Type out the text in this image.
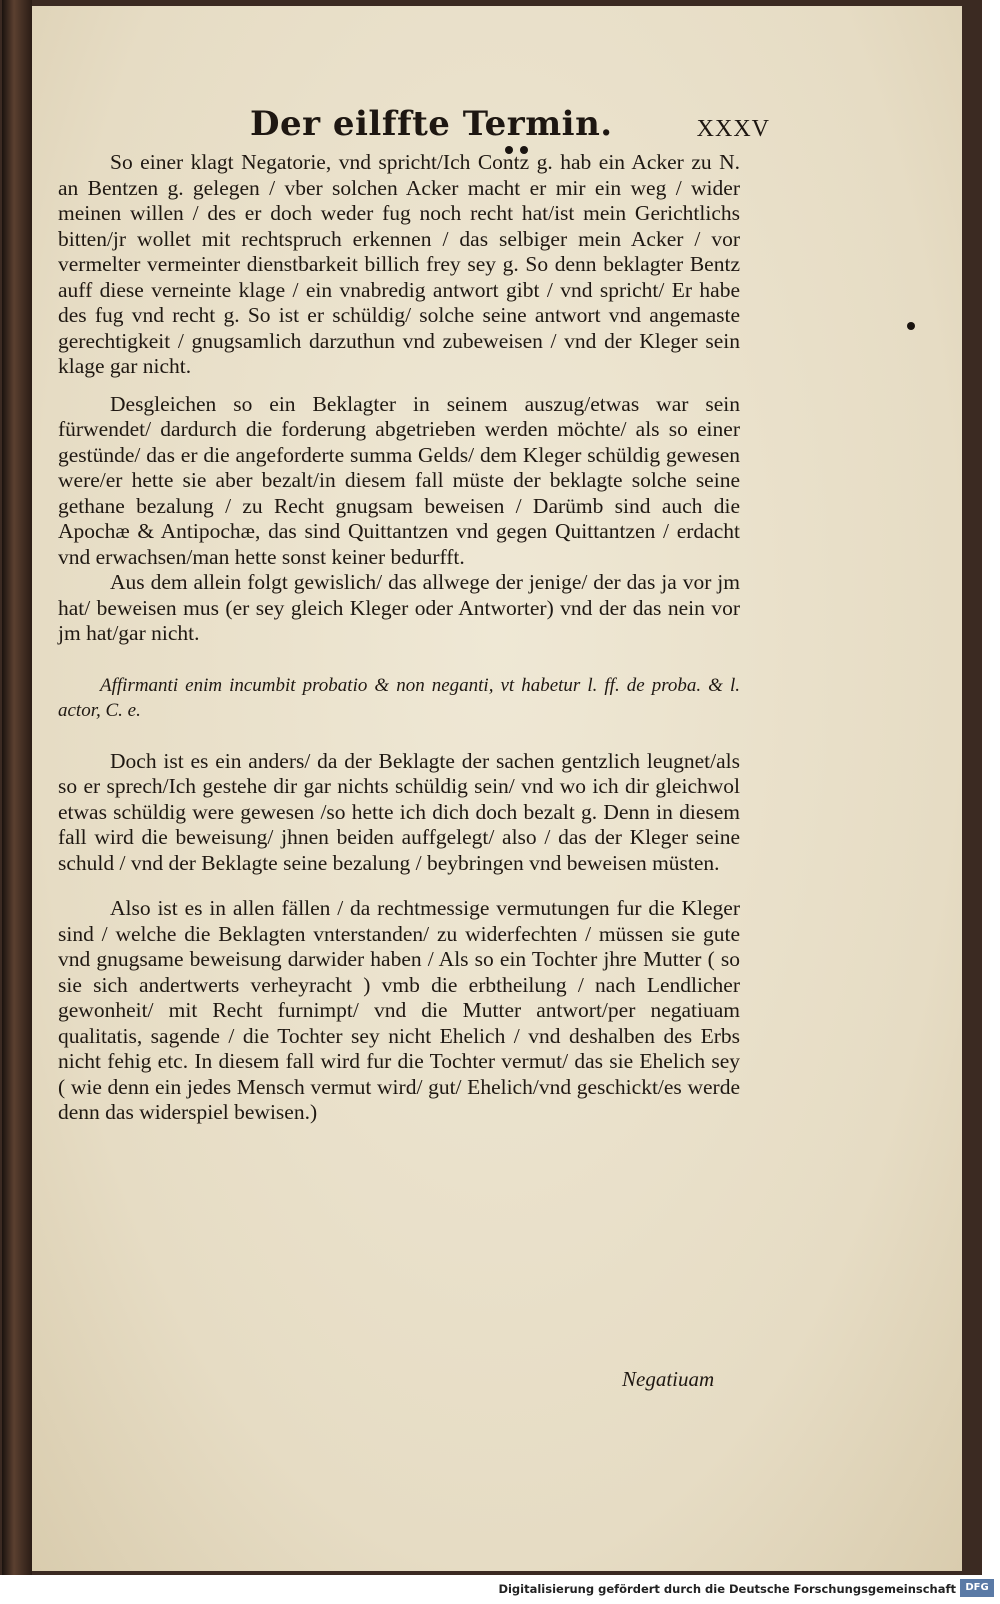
Der eilffte Termin.	XXXV

So einer klagt Negatorie, vnd spricht/Ich Contz g. hab ein Acker zu N. an Bentzen g. gelegen / vber solchen Acker macht er mir ein weg / wider meinen willen / des er doch weder fug noch recht hat/ist mein Gerichtlichs bitten/jr wollet mit rechtspruch erkennen / das selbiger mein Acker / vor vermelter vermeinter dienstbarkeit billich frey sey g. So denn beklagter Bentz auff diese verneinte klage / ein vnabredig antwort gibt / vnd spricht/ Er habe des fug vnd recht g. So ist er schüldig/ solche seine antwort vnd angemaste gerechtigkeit / gnugsamlich darzuthun vnd zubeweisen / vnd der Kleger sein klage gar nicht.

Desgleichen so ein Beklagter in seinem auszug/etwas war sein fürwendet/ dardurch die forderung abgetrieben werden möchte/ als so einer gestünde/ das er die angeforderte summa Gelds/ dem Kleger schüldig gewesen were/er hette sie aber bezalt/in diesem fall müste der beklagte solche seine gethane bezalung / zu Recht gnugsam beweisen / Darümb sind auch die Apochæ & Antipochæ, das sind Quittantzen vnd gegen Quittantzen / erdacht vnd erwachsen/man hette sonst keiner bedurfft.

Aus dem allein folgt gewislich/ das allwege der jenige/ der das ja vor jm hat/ beweisen mus (er sey gleich Kleger oder Antworter) vnd der das nein vor jm hat/gar nicht.

Affirmanti enim incumbit probatio & non neganti, vt habetur l. ff. de proba. & l. actor, C. e.

Doch ist es ein anders/ da der Beklagte der sachen gentzlich leugnet/als so er sprech/Ich gestehe dir gar nichts schüldig sein/ vnd wo ich dir gleichwol etwas schüldig were gewesen /so hette ich dich doch bezalt g. Denn in diesem fall wird die beweisung/ jhnen beiden auffgelegt/ also / das der Kleger seine schuld / vnd der Beklagte seine bezalung / beybringen vnd beweisen müsten.

Also ist es in allen fällen / da rechtmessige vermutungen fur die Kleger sind / welche die Beklagten vnterstanden/ zu widerfechten / müssen sie gute vnd gnugsame beweisung darwider haben / Als so ein Tochter jhre Mutter ( so sie sich andertwerts verheyracht ) vmb die erbtheilung / nach Lendlicher gewonheit/ mit Recht furnimpt/ vnd die Mutter antwort/per negatiuam qualitatis, sagende / die Tochter sey nicht Ehelich / vnd deshalben des Erbs nicht fehig etc. In diesem fall wird fur die Tochter vermut/ das sie Ehelich sey ( wie denn ein jedes Mensch vermut wird/ gut/ Ehelich/vnd geschickt/es werde denn das widerspiel bewisen.)

Negatiuam
Digitalisierung gefördert durch die Deutsche Forschungsgemeinschaft DFG
